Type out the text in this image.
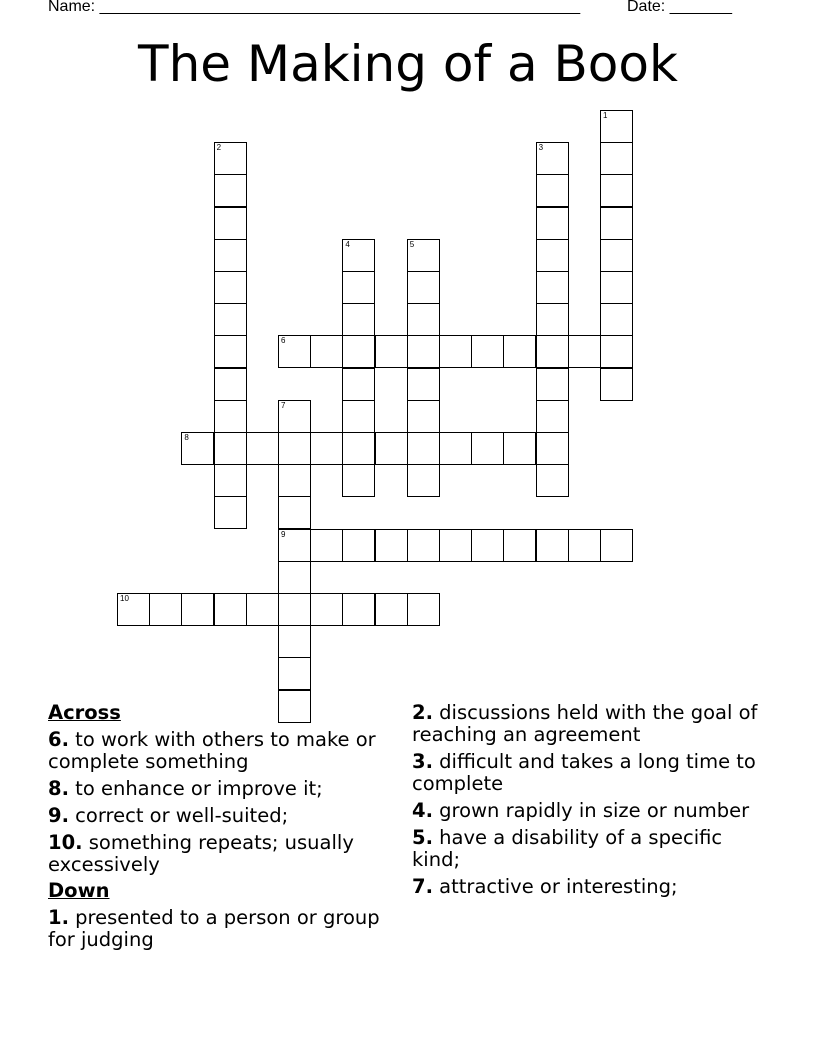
Name: ______________________________________________________	Date: _______
The Making of a Book
1
2	3
4	5
6
7
9
8
10
Across
6. to work with others to make or complete something
8. to enhance or improve it;
9. correct or well-suited;
10. something repeats; usually excessively
Down
1. presented to a person or group for judging
2. discussions held with the goal of reaching an agreement
3. difficult and takes a long time to complete
4. grown rapidly in size or number
5. have a disability of a specific kind;
7. attractive or interesting;
